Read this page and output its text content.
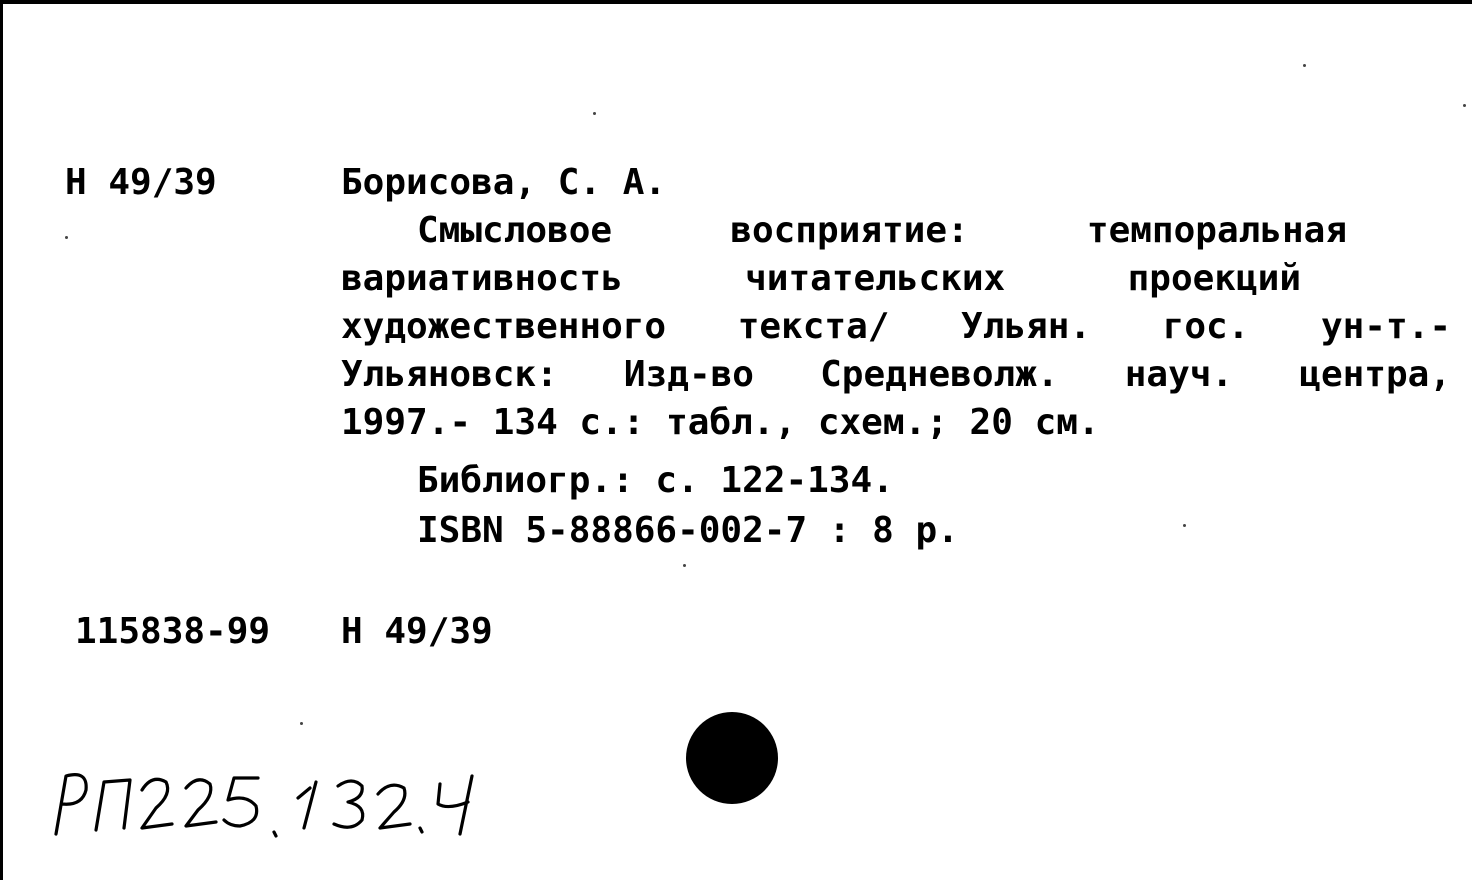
Н 49/39	Борисова, С. А.
Смысловое восприятие: темпоральная
вариативность читательских проекций
художественного текста/ Ульян. гос. ун-т.-
Ульяновск: Изд-во Средневолж. науч. центра,
1997.- 134 с.: табл., схем.; 20 см.
Библиогр.: с. 122-134.
ISBN 5-88866-002-7 : 8 р.
115838-99 Н 49/39
